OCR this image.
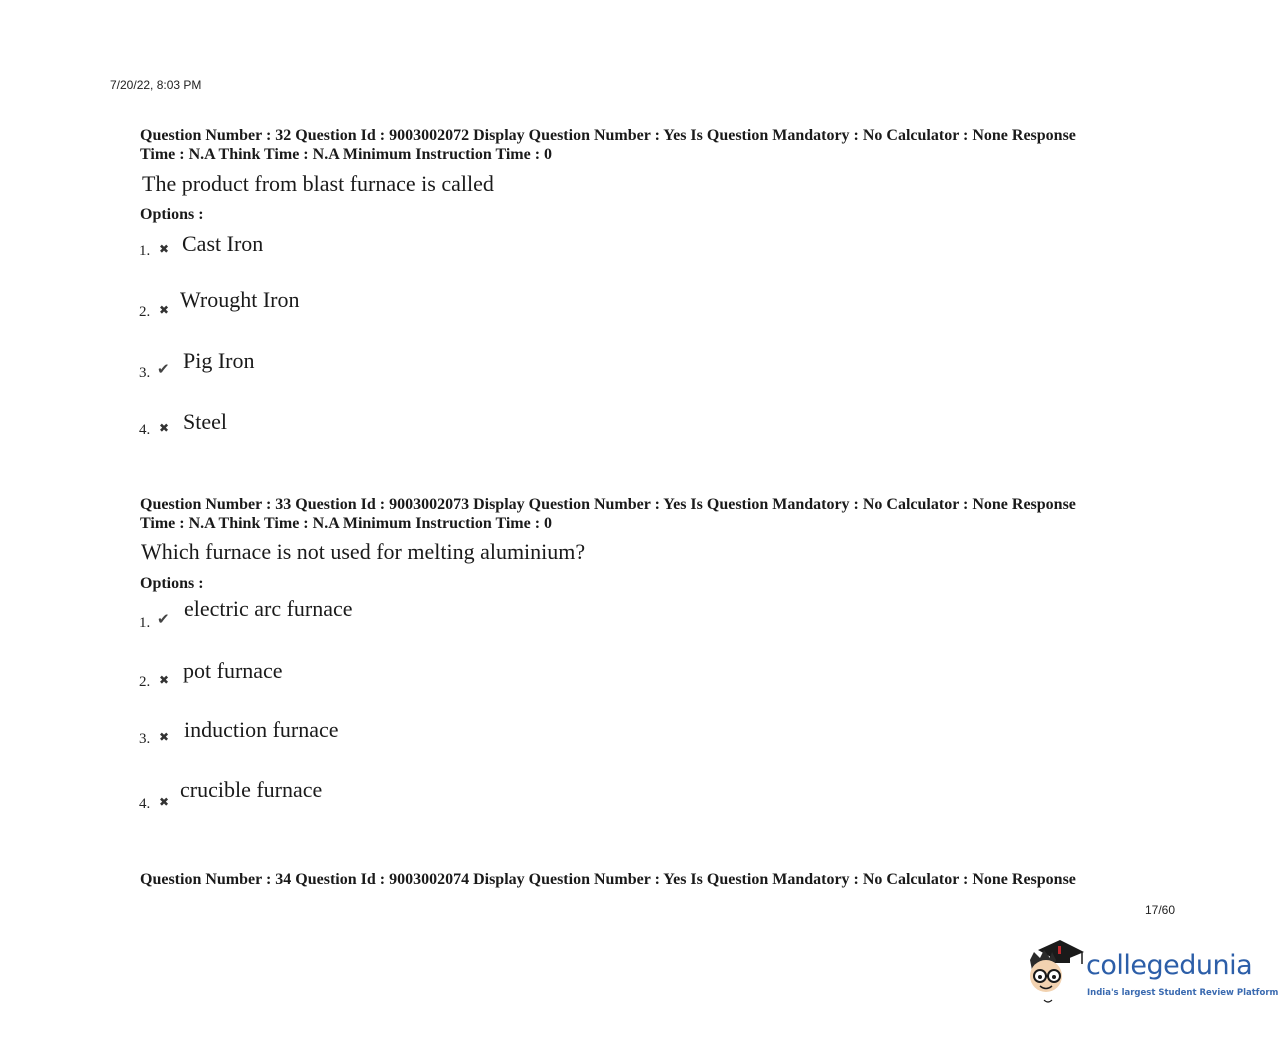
7/20/22, 8:03 PM
Question Number : 32 Question Id : 9003002072 Display Question Number : Yes Is Question Mandatory : No Calculator : None Response
Time : N.A Think Time : N.A Minimum Instruction Time : 0
The product from blast furnace is called
Options :
1. ✖ Cast Iron
2. ✖ Wrought Iron
3. ✔ Pig Iron
4. ✖ Steel
Question Number : 33 Question Id : 9003002073 Display Question Number : Yes Is Question Mandatory : No Calculator : None Response
Time : N.A Think Time : N.A Minimum Instruction Time : 0
Which furnace is not used for melting aluminium?
Options :
1. ✔ electric arc furnace
2. ✖ pot furnace
3. ✖ induction furnace
4. ✖ crucible furnace
Question Number : 34 Question Id : 9003002074 Display Question Number : Yes Is Question Mandatory : No Calculator : None Response
17/60
collegedunia
India's largest Student Review Platform
